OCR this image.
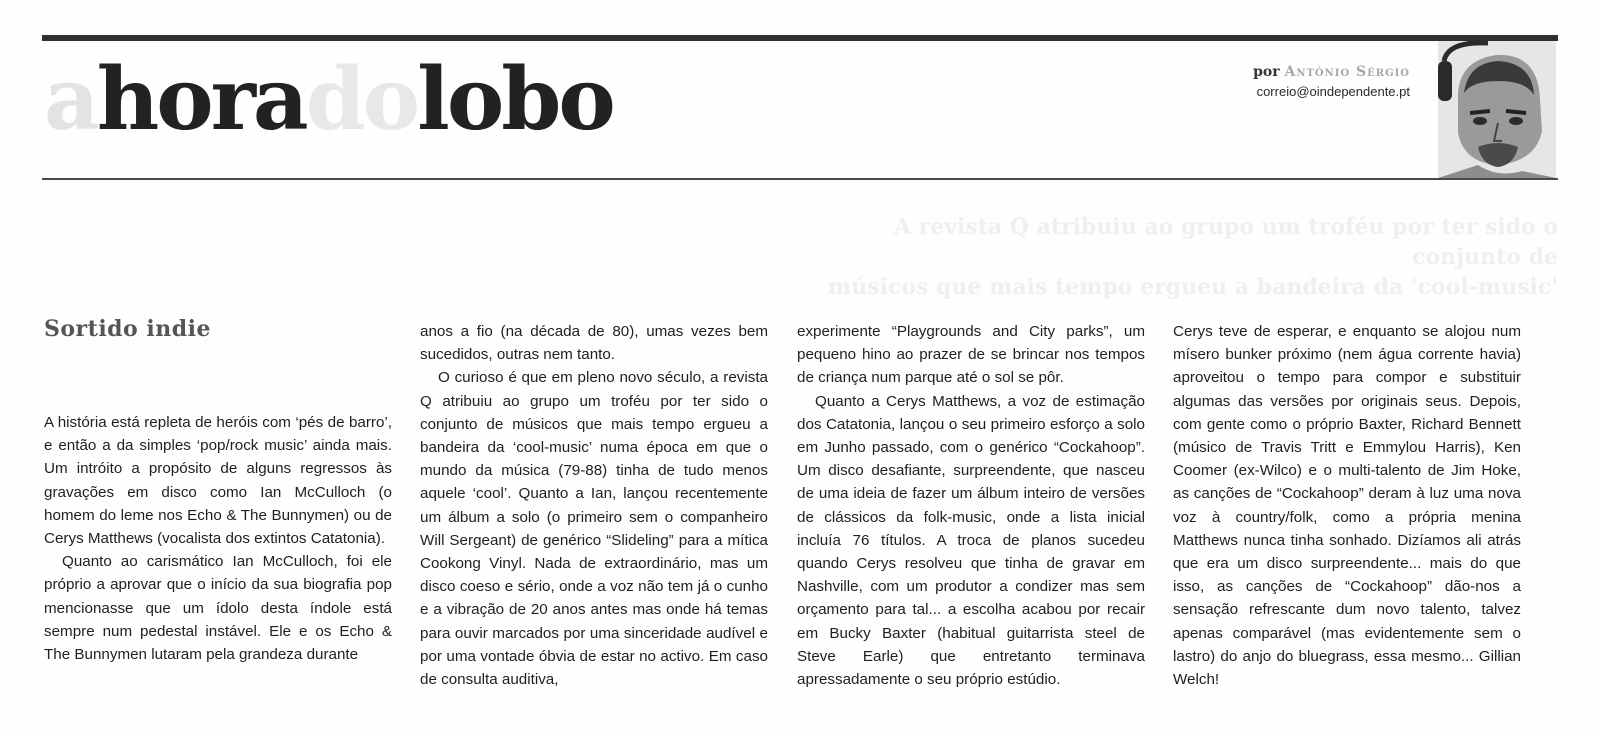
ahoradolobo	por António Sérgio
correio@oindependente.pt
A revista Q atribuiu ao grupo um troféu por ter sido o conjunto de
músicos que mais tempo ergueu a bandeira da 'cool-music'
Sortido indie

A história está repleta de heróis com ‘pés de barro’, e então a da simples ‘pop/rock music’ ainda mais. Um intróito a propósito de alguns regressos às gravações em disco como Ian McCulloch (o homem do leme nos Echo & The Bunnymen) ou de Cerys Matthews (vocalista dos extintos Catatonia).

Quanto ao carismático Ian McCulloch, foi ele próprio a aprovar que o início da sua biografia pop mencionasse que um ídolo desta índole está sempre num pedestal instável. Ele e os Echo & The Bunnymen lutaram pela grandeza durante

anos a fio (na década de 80), umas vezes bem sucedidos, outras nem tanto.

O curioso é que em pleno novo século, a revista Q atribuiu ao grupo um troféu por ter sido o conjunto de músicos que mais tempo ergueu a bandeira da ‘cool-music’ numa época em que o mundo da música (79-88) tinha de tudo menos aquele ‘cool’. Quanto a Ian, lançou recentemente um álbum a solo (o primeiro sem o companheiro Will Sergeant) de genérico “Slideling” para a mítica Cookong Vinyl. Nada de extraordinário, mas um disco coeso e sério, onde a voz não tem já o cunho e a vibração de 20 anos antes mas onde há temas para ouvir marcados por uma sinceridade audível e por uma vontade óbvia de estar no activo. Em caso de consulta auditiva,

experimente “Playgrounds and City parks”, um pequeno hino ao prazer de se brincar nos tempos de criança num parque até o sol se pôr.

Quanto a Cerys Matthews, a voz de estimação dos Catatonia, lançou o seu primeiro esforço a solo em Junho passado, com o genérico “Cockahoop”. Um disco desafiante, surpreendente, que nasceu de uma ideia de fazer um álbum inteiro de versões de clássicos da folk-music, onde a lista inicial incluía 76 títulos. A troca de planos sucedeu quando Cerys resolveu que tinha de gravar em Nashville, com um produtor a condizer mas sem orçamento para tal... a escolha acabou por recair em Bucky Baxter (habitual guitarrista steel de Steve Earle) que entretanto terminava apressadamente o seu próprio estúdio.

Cerys teve de esperar, e enquanto se alojou num mísero bunker próximo (nem água corrente havia) aproveitou o tempo para compor e substituir algumas das versões por originais seus. Depois, com gente como o próprio Baxter, Richard Bennett (músico de Travis Tritt e Emmylou Harris), Ken Coomer (ex-Wilco) e o multi-talento de Jim Hoke, as canções de “Cockahoop” deram à luz uma nova voz à country/folk, como a própria menina Matthews nunca tinha sonhado. Dizíamos ali atrás que era um disco surpreendente... mais do que isso, as canções de “Cockahoop” dão-nos a sensação refrescante dum novo talento, talvez apenas comparável (mas evidentemente sem o lastro) do anjo do bluegrass, essa mesmo... Gillian Welch!
